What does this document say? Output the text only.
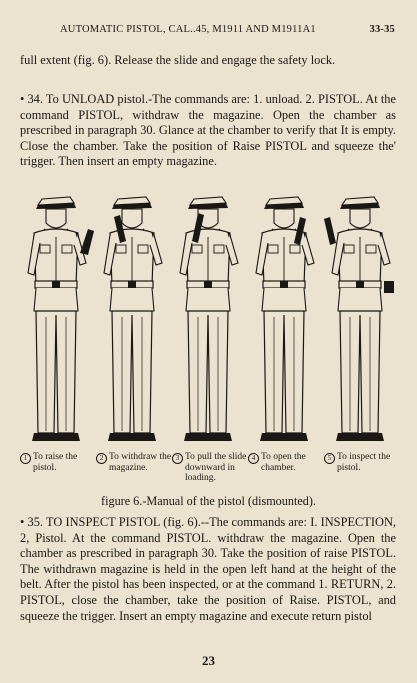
AUTOMATIC PISTOL, CAL..45, M1911 AND M1911A1	33-35

full extent (fig. 6). Release the slide and engage the safety lock.

• 34. To UNLOAD pistol.-The commands are: 1. unload. 2. PISTOL. At the command PISTOL, withdraw the magazine. Open the chamber as prescribed in paragraph 30. Glance at the chamber to verify that It is empty. Close the chamber. Take the position of Raise PISTOL and squeeze the' trigger. Then insert an empty magazine.

1 To raise the pistol.
2 To withdraw the magazine.
3 To pull the slide downward in loading.
4 To open the chamber.
5 To inspect the pistol.
figure 6.-Manual of the pistol (dismounted).

• 35. TO INSPECT PISTOL (fig. 6).--The commands are: I. INSPECTION, 2, Pistol. At the command PISTOL. withdraw the magazine. Open the chamber as prescribed in paragraph 30. Take the position of raise PISTOL. The withdrawn magazine is held in the open left hand at the height of the belt. After the pistol has been inspected, or at the command 1. RETURN, 2. PISTOL, close the chamber, take the position of Raise. PISTOL, and squeeze the trigger. Insert an empty magazine and execute return pistol

23
